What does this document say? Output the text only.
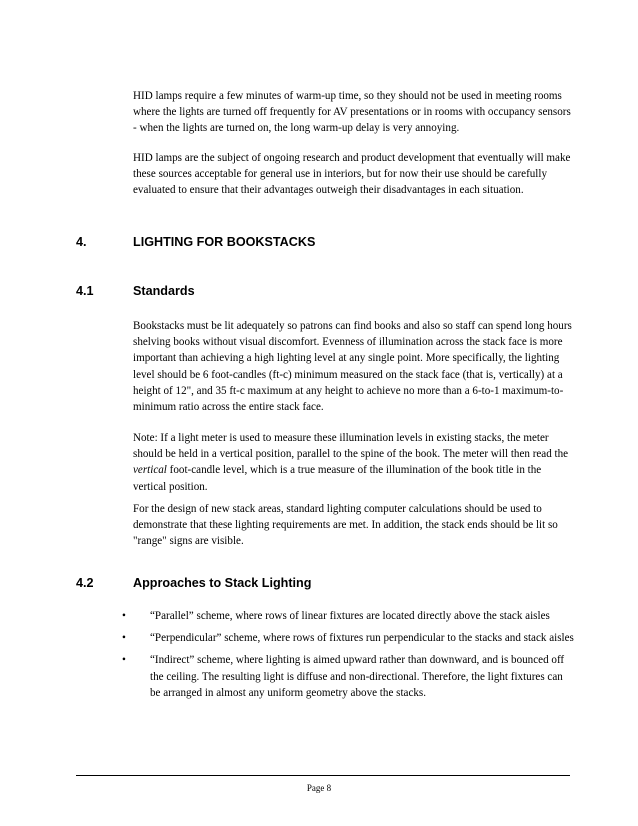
HID lamps require a few minutes of warm-up time, so they should not be used in meeting rooms where the lights are turned off frequently for AV presentations or in rooms with occupancy sensors - when the lights are turned on, the long warm-up delay is very annoying.

HID lamps are the subject of ongoing research and product development that eventually will make these sources acceptable for general use in interiors, but for now their use should be carefully evaluated to ensure that their advantages outweigh their disadvantages in each situation.

4.	LIGHTING FOR BOOKSTACKS
4.1	Standards

Bookstacks must be lit adequately so patrons can find books and also so staff can spend long hours shelving books without visual discomfort. Evenness of illumination across the stack face is more important than achieving a high lighting level at any single point. More specifically, the lighting level should be 6 foot-candles (ft-c) minimum measured on the stack face (that is, vertically) at a height of 12", and 35 ft-c maximum at any height to achieve no more than a 6-to-1 maximum-to-minimum ratio across the entire stack face.

Note: If a light meter is used to measure these illumination levels in existing stacks, the meter should be held in a vertical position, parallel to the spine of the book. The meter will then read the vertical foot-candle level, which is a true measure of the illumination of the book title in the vertical position.

For the design of new stack areas, standard lighting computer calculations should be used to demonstrate that these lighting requirements are met. In addition, the stack ends should be lit so "range" signs are visible.

4.2	Approaches to Stack Lighting
• “Parallel” scheme, where rows of linear fixtures are located directly above the stack aisles
• “Perpendicular” scheme, where rows of fixtures run perpendicular to the stacks and stack aisles
• “Indirect” scheme, where lighting is aimed upward rather than downward, and is bounced off the ceiling. The resulting light is diffuse and non-directional. Therefore, the light fixtures can be arranged in almost any uniform geometry above the stacks.
Page 8
